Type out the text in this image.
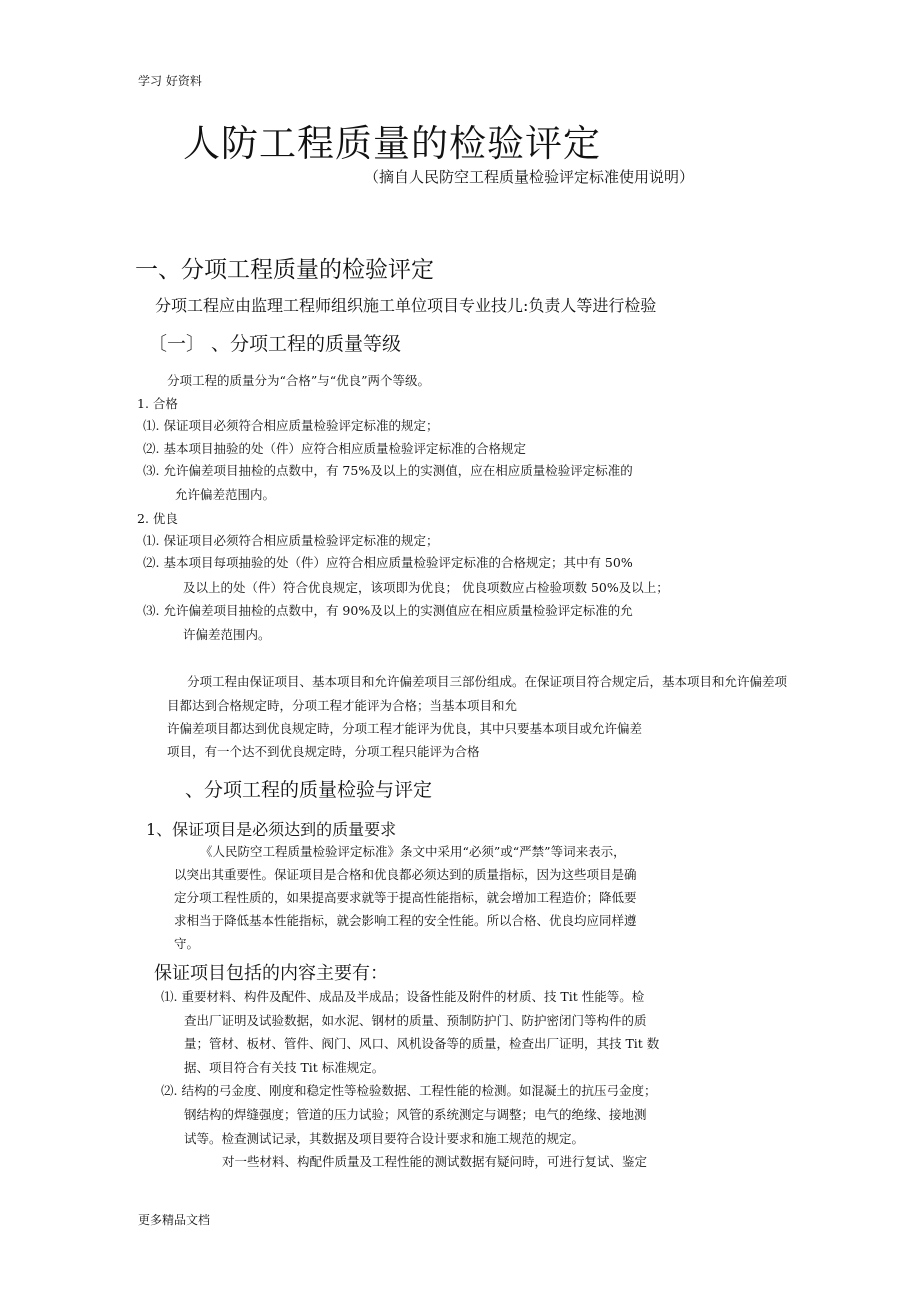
学习 好资料
人防工程质量的检验评定
（摘自人民防空工程质量检验评定标准使用说明）
一、分项工程质量的检验评定
分项工程应由监理工程师组织施工单位项目专业技儿:负责人等进行检验
〔一〕 、分项工程的质量等级
分项工程的质量分为“合格”与“优良”两个等级。
1. 合格
⑴. 保证项目必须符合相应质量检验评定标准的规定；
⑵. 基本项目抽验的处（件）应符合相应质量检验评定标准的合格规定
⑶. 允许偏差项目抽检的点数中，有 75%及以上的实测值，应在相应质量检验评定标准的
允许偏差范围内。
2. 优良
⑴. 保证项目必须符合相应质量检验评定标准的规定；
⑵. 基本项目每项抽验的处（件）应符合相应质量检验评定标准的合格规定；其中有 50%
及以上的处（件）符合优良规定，该项即为优良； 优良项数应占检验项数 50%及以上；
⑶. 允许偏差项目抽检的点数中，有 90%及以上的实测值应在相应质量检验评定标准的允
许偏差范围内。
分项工程由保证项目、基本项目和允许偏差项目三部份组成。在保证项目符合规定后，基本项目和允许偏差项
目都达到合格规定時，分项工程才能评为合格；当基本项目和允
许偏差项目都达到优良规定時，分项工程才能评为优良，其中只要基本项目或允许偏差
项目，有一个达不到优良规定時，分项工程只能评为合格
、分项工程的质量检验与评定
1、保证项目是必须达到的质量要求
《人民防空工程质量检验评定标准》条文中采用“必须”或“严禁”等词来表示，
以突出其重要性。保证项目是合格和优良都必须达到的质量指标，因为这些项目是确
定分项工程性质的，如果提高要求就等于提高性能指标，就会增加工程造价；降低要
求相当于降低基本性能指标，就会影响工程的安全性能。所以合格、优良均应同样遵
守。
保证项目包括的内容主要有：
⑴. 重要材料、构件及配件、成品及半成品；设备性能及附件的材质、技 Tit 性能等。检
查出厂证明及试验数据，如水泥、钢材的质量、预制防护门、防护密闭门等构件的质
量；管材、板材、管件、阀门、风口、风机设备等的质量，检查出厂证明，其技 Tit 数
据、项目符合有关技 Tit 标准规定。
⑵. 结构的弓金度、刚度和稳定性等检验数据、工程性能的检测。如混凝土的抗压弓金度；
钢结构的焊缝强度；管道的压力试验；风管的系统测定与调整；电气的绝缘、接地测
试等。检查测试记录，其数据及项目要符合设计要求和施工规范的规定。
对一些材料、构配件质量及工程性能的测试数据有疑问時，可进行复试、鉴定
更多精品文档
